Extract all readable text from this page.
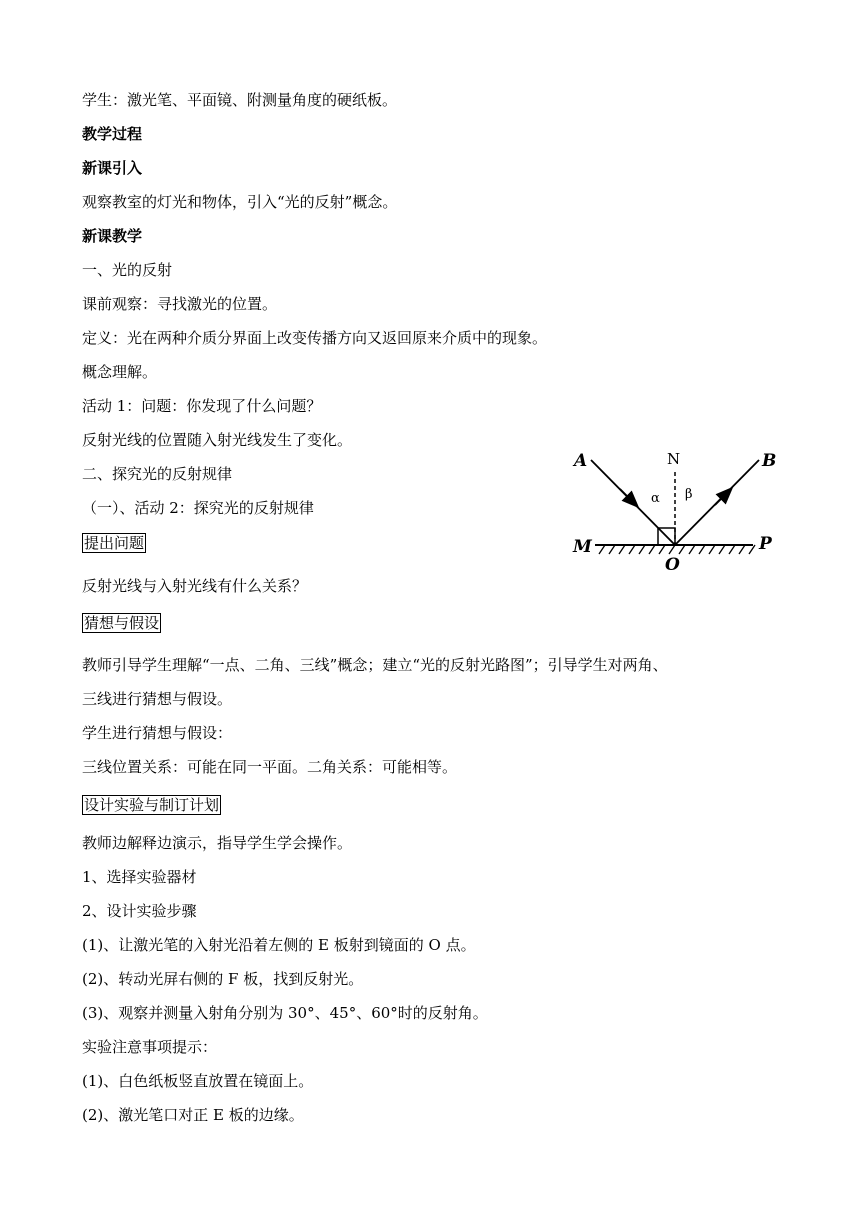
学生：激光笔、平面镜、附测量角度的硬纸板。
教学过程
新课引入
观察教室的灯光和物体，引入“光的反射”概念。
新课教学
一、光的反射
课前观察：寻找激光的位置。
定义：光在两种介质分界面上改变传播方向又返回原来介质中的现象。
概念理解。
活动 1：问题：你发现了什么问题？
反射光线的位置随入射光线发生了变化。
二、探究光的反射规律
（一）、活动 2：探究光的反射规律
提出问题
反射光线与入射光线有什么关系？
猜想与假设
教师引导学生理解“一点、二角、三线”概念；建立“光的反射光路图”；引导学生对两角、
三线进行猜想与假设。
学生进行猜想与假设：
三线位置关系：可能在同一平面。二角关系：可能相等。
设计实验与制订计划
教师边解释边演示，指导学生学会操作。
1、选择实验器材
2、设计实验步骤
(1)、让激光笔的入射光沿着左侧的 E 板射到镜面的 O 点。
(2)、转动光屏右侧的 F 板，找到反射光。
(3)、观察并测量入射角分别为 30°、45°、60°时的反射角。
实验注意事项提示：
(1)、白色纸板竖直放置在镜面上。
(2)、激光笔口对正 E 板的边缘。
A	N	B
α β
M	P
O
